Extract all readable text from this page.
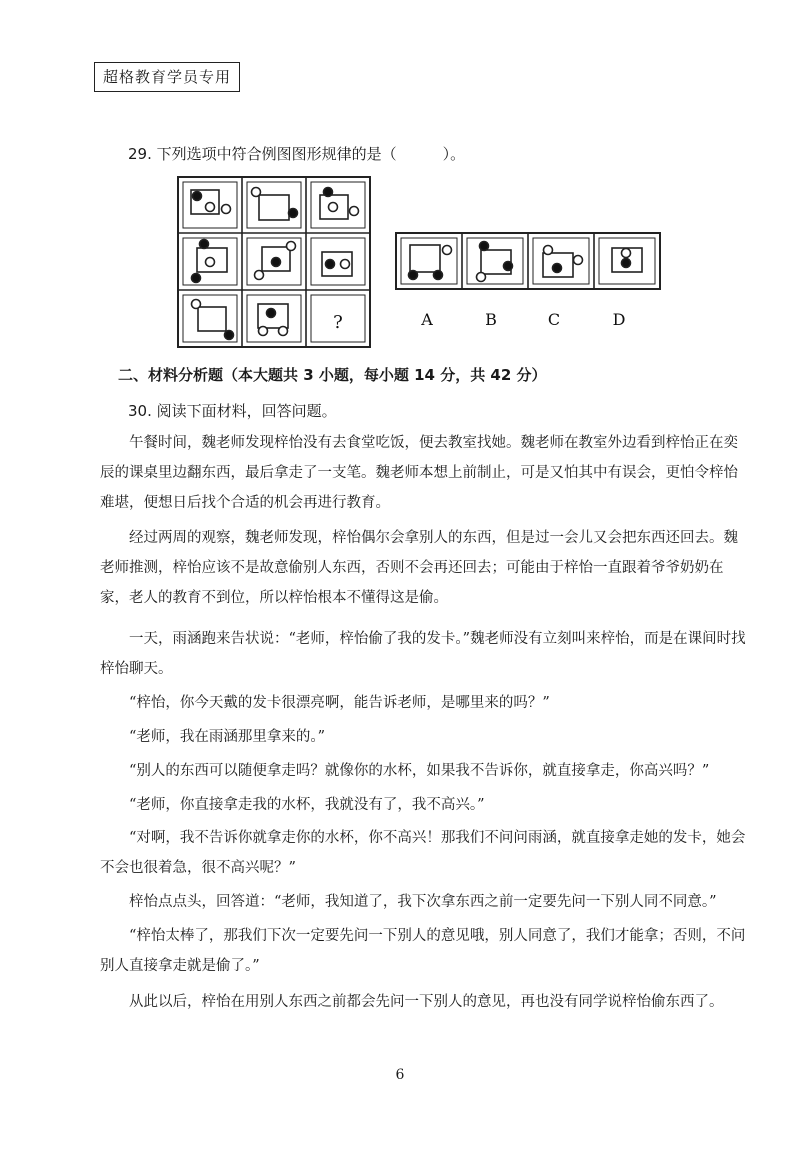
超格教育学员专用
29. 下列选项中符合例图图形规律的是（	）。
?	A	B	C	D
二、材料分析题（本大题共 3 小题，每小题 14 分，共 42 分）
30. 阅读下面材料，回答问题。
午餐时间，魏老师发现梓怡没有去食堂吃饭，便去教室找她。魏老师在教室外边看到梓怡正在奕辰的课桌里边翻东西，最后拿走了一支笔。魏老师本想上前制止，可是又怕其中有误会，更怕令梓怡难堪，便想日后找个合适的机会再进行教育。
经过两周的观察，魏老师发现，梓怡偶尔会拿别人的东西，但是过一会儿又会把东西还回去。魏老师推测，梓怡应该不是故意偷别人东西，否则不会再还回去；可能由于梓怡一直跟着爷爷奶奶在家，老人的教育不到位，所以梓怡根本不懂得这是偷。
一天，雨涵跑来告状说：“老师，梓怡偷了我的发卡。”魏老师没有立刻叫来梓怡，而是在课间时找梓怡聊天。
“梓怡，你今天戴的发卡很漂亮啊，能告诉老师，是哪里来的吗？”
“老师，我在雨涵那里拿来的。”
“别人的东西可以随便拿走吗？就像你的水杯，如果我不告诉你，就直接拿走，你高兴吗？”
“老师，你直接拿走我的水杯，我就没有了，我不高兴。”
“对啊，我不告诉你就拿走你的水杯，你不高兴！那我们不问问雨涵，就直接拿走她的发卡，她会不会也很着急，很不高兴呢？”
梓怡点点头，回答道：“老师，我知道了，我下次拿东西之前一定要先问一下别人同不同意。”
“梓怡太棒了，那我们下次一定要先问一下别人的意见哦，别人同意了，我们才能拿；否则，不问别人直接拿走就是偷了。”
从此以后，梓怡在用别人东西之前都会先问一下别人的意见，再也没有同学说梓怡偷东西了。
6
